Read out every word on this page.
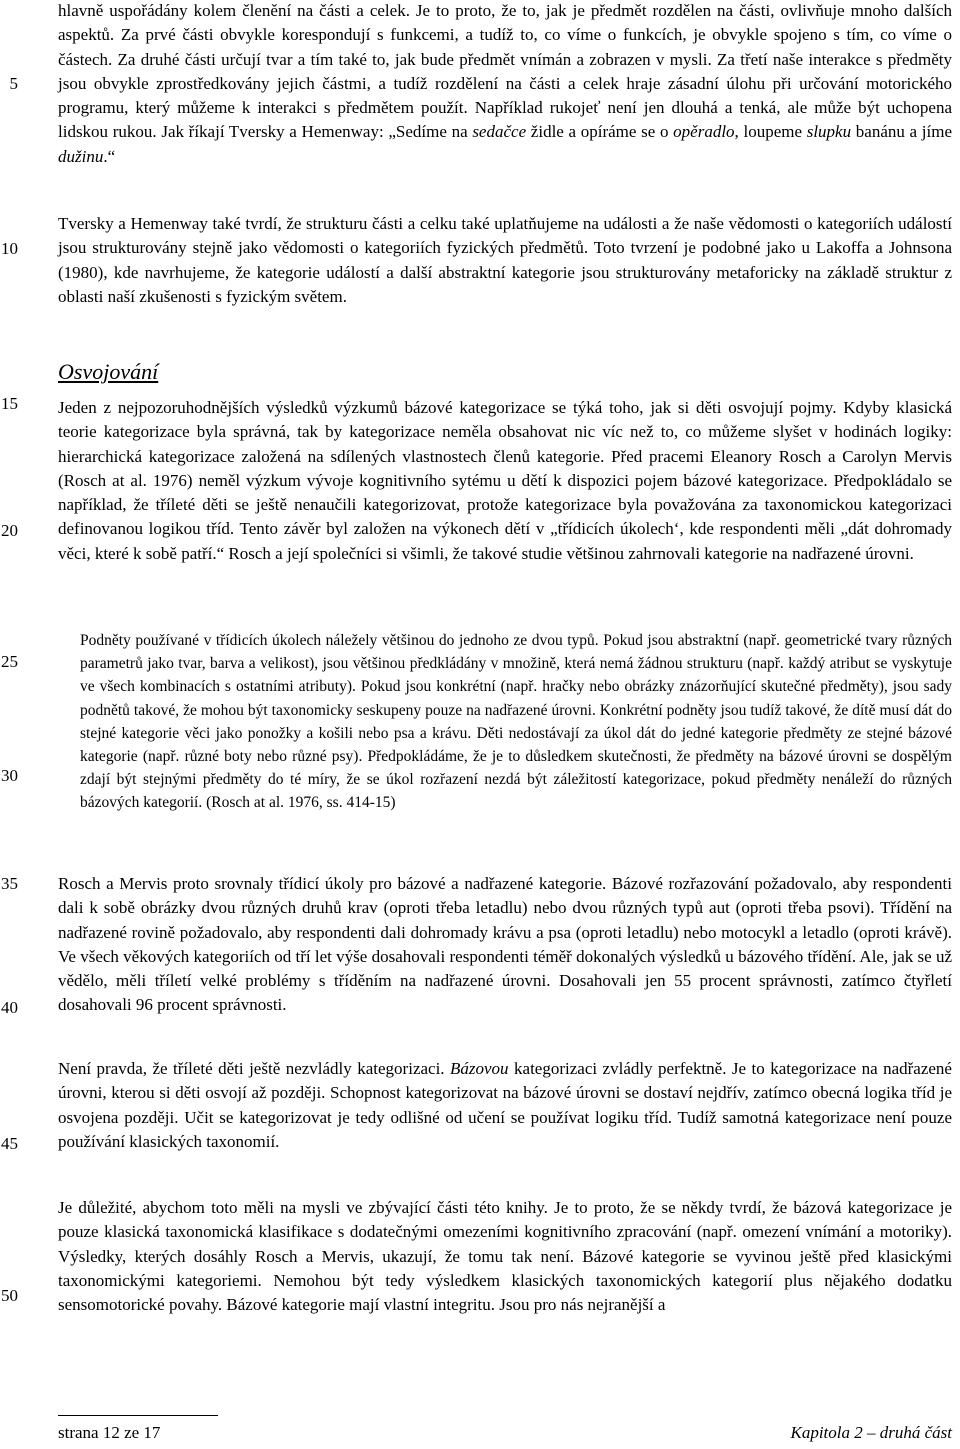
5
10
15
20
25
30
35
40
45
50

hlavně uspořádány kolem členění na části a celek. Je to proto, že to, jak je předmět rozdělen na části, ovlivňuje mnoho dalších aspektů. Za prvé části obvykle korespondují s funkcemi, a tudíž to, co víme o funkcích, je obvykle spojeno s tím, co víme o částech. Za druhé části určují tvar a tím také to, jak bude předmět vnímán a zobrazen v mysli. Za třetí naše interakce s předměty jsou obvykle zprostředkovány jejich částmi, a tudíž rozdělení na části a celek hraje zásadní úlohu při určování motorického programu, který můžeme k interakci s předmětem použít. Například rukojeť není jen dlouhá a tenká, ale může být uchopena lidskou rukou. Jak říkají Tversky a Hemenway: „Sedíme na sedačce židle a opíráme se o opěradlo, loupeme slupku banánu a jíme dužinu.“

Tversky a Hemenway také tvrdí, že strukturu části a celku také uplatňujeme na události a že naše vědomosti o kategoriích událostí jsou strukturovány stejně jako vědomosti o kategoriích fyzických předmětů. Toto tvrzení je podobné jako u Lakoffa a Johnsona (1980), kde navrhujeme, že kategorie událostí a další abstraktní kategorie jsou strukturovány metaforicky na základě struktur z oblasti naší zkušenosti s fyzickým světem.

Osvojování

Jeden z nejpozoruhodnějších výsledků výzkumů bázové kategorizace se týká toho, jak si děti osvojují pojmy. Kdyby klasická teorie kategorizace byla správná, tak by kategorizace neměla obsahovat nic víc než to, co můžeme slyšet v hodinách logiky: hierarchická kategorizace založená na sdílených vlastnostech členů kategorie. Před pracemi Eleanory Rosch a Carolyn Mervis (Rosch at al. 1976) neměl výzkum vývoje kognitivního sytému u dětí k dispozici pojem bázové kategorizace. Předpokládalo se například, že tříleté děti se ještě nenaučili kategorizovat, protože kategorizace byla považována za taxonomickou kategorizaci definovanou logikou tříd. Tento závěr byl založen na výkonech dětí v „třídicích úkolech‘, kde respondenti měli „dát dohromady věci, které k sobě patří.“ Rosch a její společníci si všimli, že takové studie většinou zahrnovali kategorie na nadřazené úrovni.

Podněty používané v třídicích úkolech náležely většinou do jednoho ze dvou typů. Pokud jsou abstraktní (např. geometrické tvary různých parametrů jako tvar, barva a velikost), jsou většinou předkládány v množině, která nemá žádnou strukturu (např. každý atribut se vyskytuje ve všech kombinacích s ostatními atributy). Pokud jsou konkrétní (např. hračky nebo obrázky znázorňující skutečné předměty), jsou sady podnětů takové, že mohou být taxonomicky seskupeny pouze na nadřazené úrovni. Konkrétní podněty jsou tudíž takové, že dítě musí dát do stejné kategorie věci jako ponožky a košili nebo psa a krávu. Děti nedostávají za úkol dát do jedné kategorie předměty ze stejné bázové kategorie (např. různé boty nebo různé psy). Předpokládáme, že je to důsledkem skutečnosti, že předměty na bázové úrovni se dospělým zdají být stejnými předměty do té míry, že se úkol rozřazení nezdá být záležitostí kategorizace, pokud předměty nenáleží do různých bázových kategorií. (Rosch at al. 1976, ss. 414-15)

Rosch a Mervis proto srovnaly třídicí úkoly pro bázové a nadřazené kategorie. Bázové rozřazování požadovalo, aby respondenti dali k sobě obrázky dvou různých druhů krav (oproti třeba letadlu) nebo dvou různých typů aut (oproti třeba psovi). Třídění na nadřazené rovině požadovalo, aby respondenti dali dohromady krávu a psa (oproti letadlu) nebo motocykl a letadlo (oproti krávě). Ve všech věkových kategoriích od tří let výše dosahovali respondenti téměř dokonalých výsledků u bázového třídění. Ale, jak se už vědělo, měli tříletí velké problémy s tříděním na nadřazené úrovni. Dosahovali jen 55 procent správnosti, zatímco čtyřletí dosahovali 96 procent správnosti.

Není pravda, že tříleté děti ještě nezvládly kategorizaci. Bázovou kategorizaci zvládly perfektně. Je to kategorizace na nadřazené úrovni, kterou si děti osvojí až později. Schopnost kategorizovat na bázové úrovni se dostaví nejdřív, zatímco obecná logika tříd je osvojena později. Učit se kategorizovat je tedy odlišné od učení se používat logiku tříd. Tudíž samotná kategorizace není pouze používání klasických taxonomií.

Je důležité, abychom toto měli na mysli ve zbývající části této knihy. Je to proto, že se někdy tvrdí, že bázová kategorizace je pouze klasická taxonomická klasifikace s dodatečnými omezeními kognitivního zpracování (např. omezení vnímání a motoriky). Výsledky, kterých dosáhly Rosch a Mervis, ukazují, že tomu tak není. Bázové kategorie se vyvinou ještě před klasickými taxonomickými kategoriemi. Nemohou být tedy výsledkem klasických taxonomických kategorií plus nějakého dodatku sensomotorické povahy. Bázové kategorie mají vlastní integritu. Jsou pro nás nejranější a

strana 12 ze 17	Kapitola 2 – druhá část
